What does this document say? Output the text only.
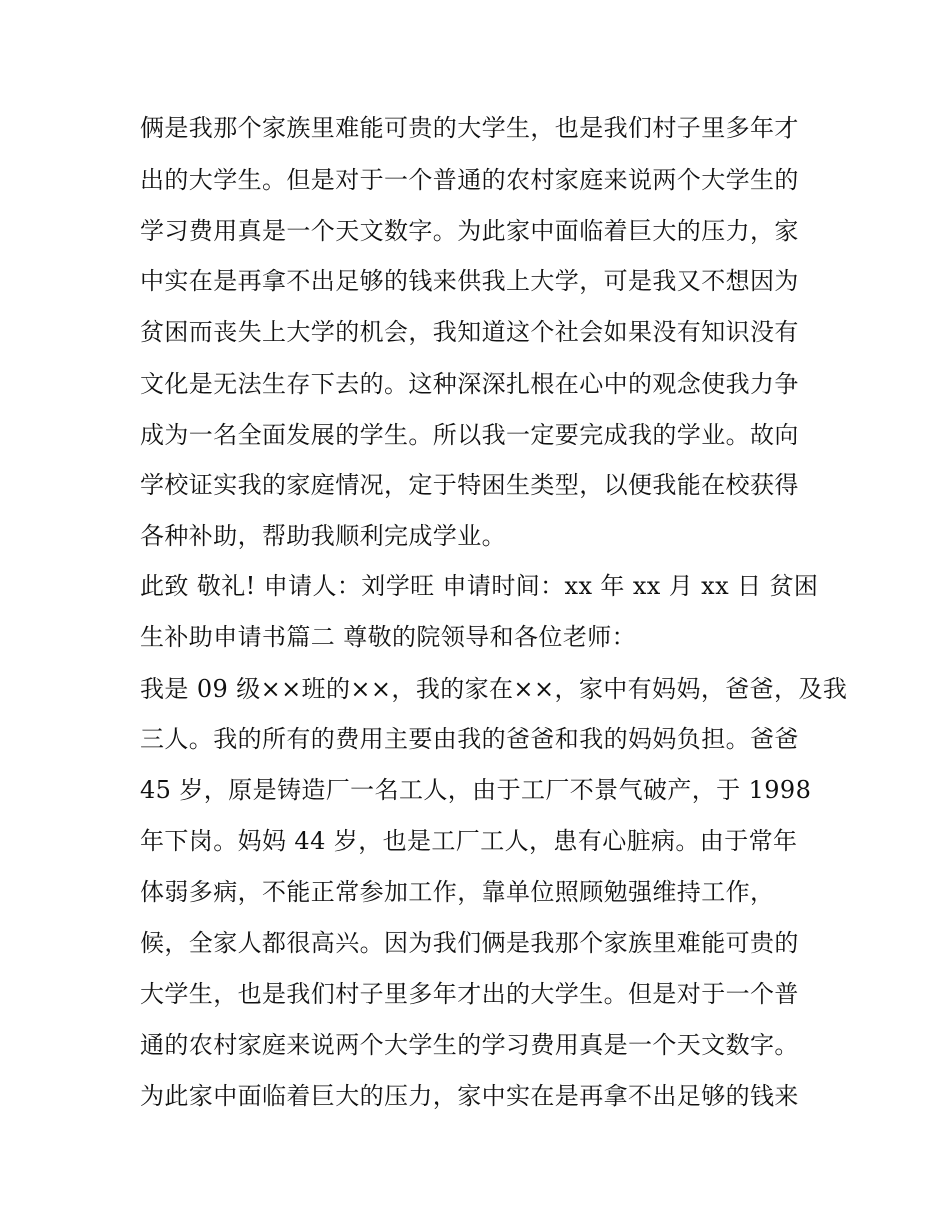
俩是我那个家族里难能可贵的大学生，也是我们村子里多年才
出的大学生。但是对于一个普通的农村家庭来说两个大学生的
学习费用真是一个天文数字。为此家中面临着巨大的压力，家
中实在是再拿不出足够的钱来供我上大学，可是我又不想因为
贫困而丧失上大学的机会，我知道这个社会如果没有知识没有
文化是无法生存下去的。这种深深扎根在心中的观念使我力争
成为一名全面发展的学生。所以我一定要完成我的学业。故向
学校证实我的家庭情况，定于特困生类型，以便我能在校获得
各种补助，帮助我顺利完成学业。
此致 敬礼! 申请人：刘学旺 申请时间：xx 年 xx 月 xx 日 贫困
生补助申请书篇二 尊敬的院领导和各位老师：
我是 09 级××班的××，我的家在××，家中有妈妈，爸爸，及我
三人。我的所有的费用主要由我的爸爸和我的妈妈负担。爸爸
45 岁，原是铸造厂一名工人，由于工厂不景气破产，于 1998
年下岗。妈妈 44 岁，也是工厂工人，患有心脏病。由于常年
体弱多病，不能正常参加工作，靠单位照顾勉强维持工作，
候，全家人都很高兴。因为我们俩是我那个家族里难能可贵的
大学生，也是我们村子里多年才出的大学生。但是对于一个普
通的农村家庭来说两个大学生的学习费用真是一个天文数字。
为此家中面临着巨大的压力，家中实在是再拿不出足够的钱来
